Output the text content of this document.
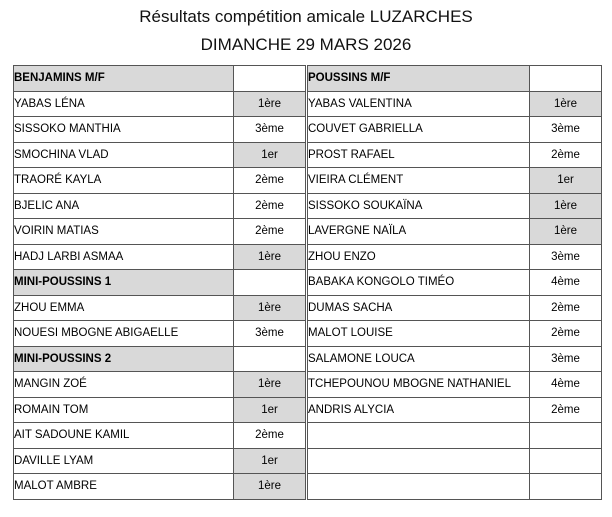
Résultats compétition amicale LUZARCHES
DIMANCHE 29 MARS 2026
BENJAMINS M/F			POUSSINS M/F	
YABAS LÉNA	1ère		YABAS VALENTINA	1ère
SISSOKO MANTHIA	3ème		COUVET GABRIELLA	3ème
SMOCHINA VLAD	1er		PROST RAFAEL	2ème
TRAORÉ KAYLA	2ème		VIEIRA CLÉMENT	1er
BJELIC ANA	2ème		SISSOKO SOUKAÏNA	1ère
VOIRIN MATIAS	2ème		LAVERGNE NAÏLA	1ère
HADJ LARBI ASMAA	1ère		ZHOU ENZO	3ème
MINI-POUSSINS 1			BABAKA KONGOLO TIMÉO	4ème
ZHOU EMMA	1ère		DUMAS SACHA	2ème
NOUESI MBOGNE ABIGAELLE	3ème		MALOT LOUISE	2ème
MINI-POUSSINS 2			SALAMONE LOUCA	3ème
MANGIN ZOÉ	1ère		TCHEPOUNOU MBOGNE NATHANIEL	4ème
ROMAIN TOM	1er		ANDRIS ALYCIA	2ème
AIT SADOUNE KAMIL	2ème			
DAVILLE LYAM	1er			
MALOT AMBRE	1ère			
